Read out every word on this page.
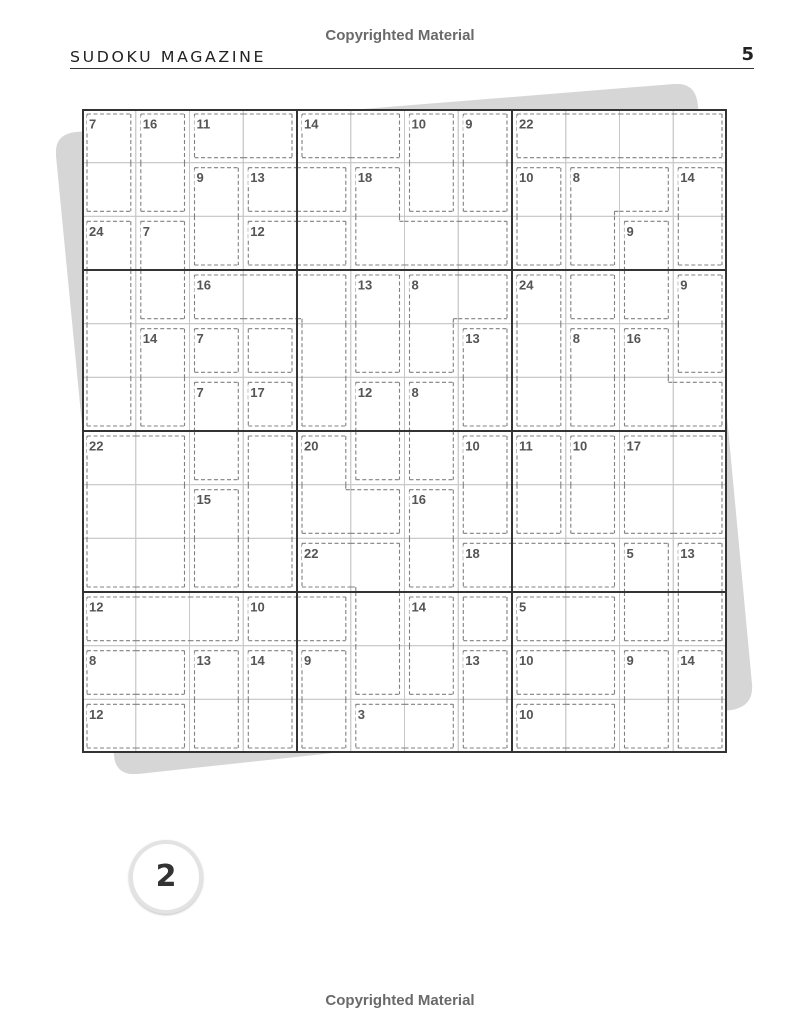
Copyrighted Material
SUDOKU MAGAZINE	5
7	16	11	14	10	9	22
9	13	18	10	8	14
24	7	12	9
16	13	8	24	9
14	7	13	8	16
7	17	12	8
22	20	10	11	10	17
15	16
22	18	5	13
12	10	14	5
8	13	14	9	13	10	9	14
12	3	10
2
Copyrighted Material
